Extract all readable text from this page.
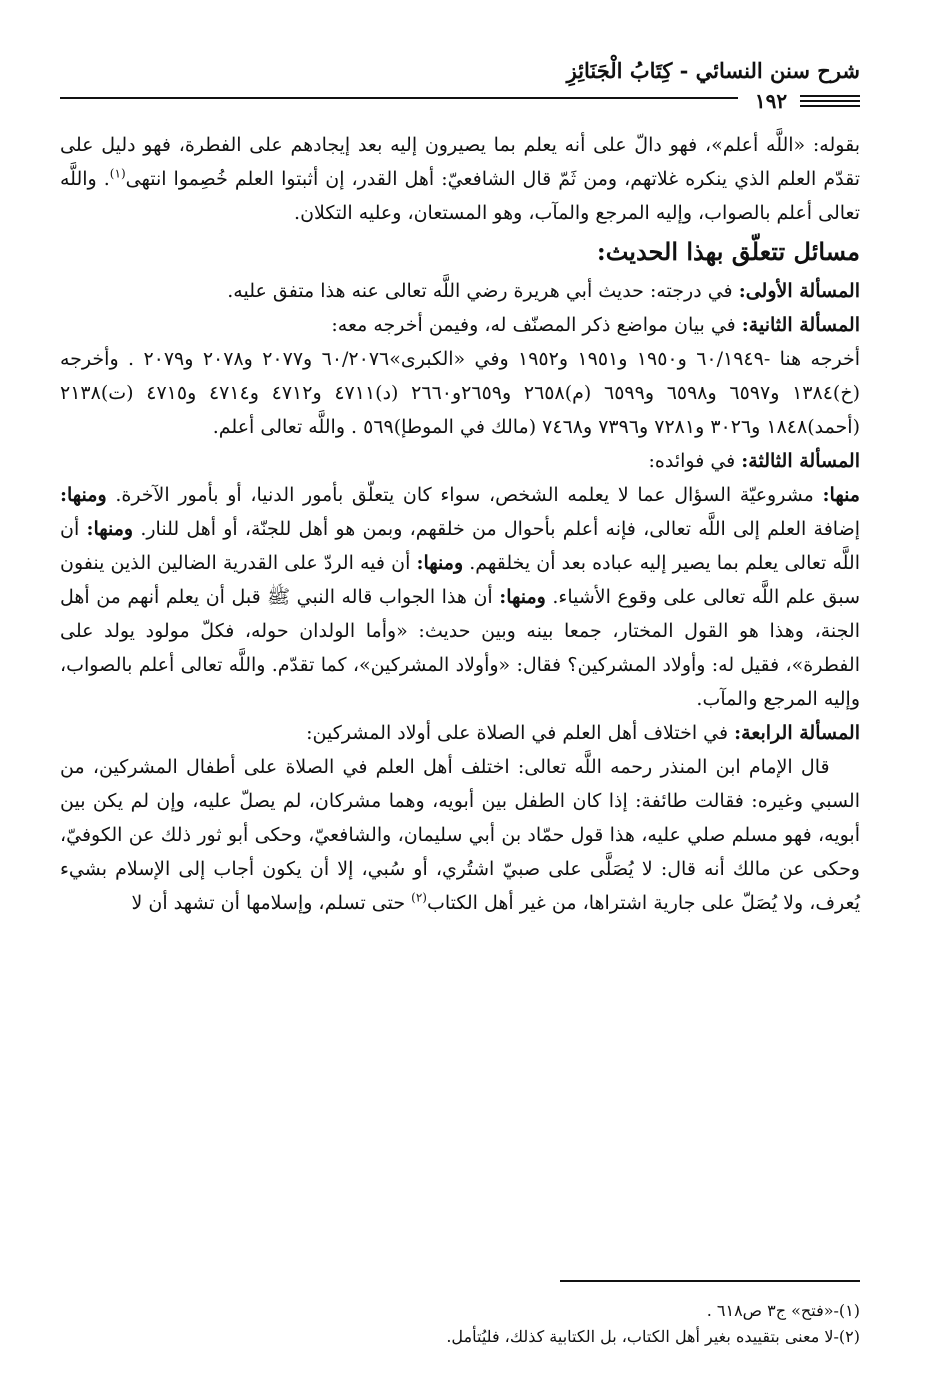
شرح سنن النسائي - كِتَابُ الْجَنَائِزِ
١٩٢

بقوله: «اللَّه أعلم»، فهو دالّ على أنه يعلم بما يصيرون إليه بعد إيجادهم على الفطرة، فهو دليل على تقدّم العلم الذي ينكره غلاتهم، ومن ثَمّ قال الشافعيّ: أهل القدر، إن أثبتوا العلم خُصِموا انتهى$^{(١)}$. واللَّه تعالى أعلم بالصواب، وإليه المرجع والمآب، وهو المستعان، وعليه التكلان.

مسائل تتعلّق بهذا الحديث:

المسألة الأولى: في درجته: حديث أبي هريرة رضي اللَّه تعالى عنه هذا متفق عليه.

المسألة الثانية: في بيان مواضع ذكر المصنّف له، وفيمن أخرجه معه:

أخرجه هنا -٦٠/١٩٤٩ و١٩٥٠ و١٩٥١ و١٩٥٢ وفي «الكبرى»٦٠/٢٠٧٦ و٢٠٧٧ و٢٠٧٨ و٢٠٧٩ . وأخرجه (خ)١٣٨٤ و٦٥٩٧ و٦٥٩٨ و٦٥٩٩ (م)٢٦٥٨ و٢٦٥٩و٢٦٦٠ (د)٤٧١١ و٤٧١٢ و٤٧١٤ و٤٧١٥ (ت)٢١٣٨ (أحمد)١٨٤٨ و٣٠٢٦ و٧٢٨١ و٧٣٩٦ و٧٤٦٨ (مالك في الموطإ)٥٦٩ . واللَّه تعالى أعلم.

المسألة الثالثة: في فوائده:

منها: مشروعيّة السؤال عما لا يعلمه الشخص، سواء كان يتعلّق بأمور الدنيا، أو بأمور الآخرة. ومنها: إضافة العلم إلى اللَّه تعالى، فإنه أعلم بأحوال من خلقهم، وبمن هو أهل للجنّة، أو أهل للنار. ومنها: أن اللَّه تعالى يعلم بما يصير إليه عباده بعد أن يخلقهم. ومنها: أن فيه الردّ على القدرية الضالين الذين ينفون سبق علم اللَّه تعالى على وقوع الأشياء. ومنها: أن هذا الجواب قاله النبي ﷺ قبل أن يعلم أنهم من أهل الجنة، وهذا هو القول المختار، جمعا بينه وبين حديث: «وأما الولدان حوله، فكلّ مولود يولد على الفطرة»، فقيل له: وأولاد المشركين؟ فقال: «وأولاد المشركين»، كما تقدّم. واللَّه تعالى أعلم بالصواب، وإليه المرجع والمآب.

المسألة الرابعة: في اختلاف أهل العلم في الصلاة على أولاد المشركين:

قال الإمام ابن المنذر رحمه اللَّه تعالى: اختلف أهل العلم في الصلاة على أطفال المشركين، من السبي وغيره: فقالت طائفة: إذا كان الطفل بين أبويه، وهما مشركان، لم يصلّ عليه، وإن لم يكن بين أبويه، فهو مسلم صلي عليه، هذا قول حمّاد بن أبي سليمان، والشافعيّ، وحكى أبو ثور ذلك عن الكوفيّ، وحكى عن مالك أنه قال: لا يُصَلَّى على صبيّ اشتُري، أو سُبي، إلا أن يكون أجاب إلى الإسلام بشيء يُعرف، ولا يُصَلّ على جارية اشتراها، من غير أهل الكتاب$^{(٢)}$ حتى تسلم، وإسلامها أن تشهد أن لا

(١)-«فتح» ج٣ ص٦١٨ .

(٢)-لا معنى بتقييده بغير أهل الكتاب، بل الكتابية كذلك، فليُتأمل.
